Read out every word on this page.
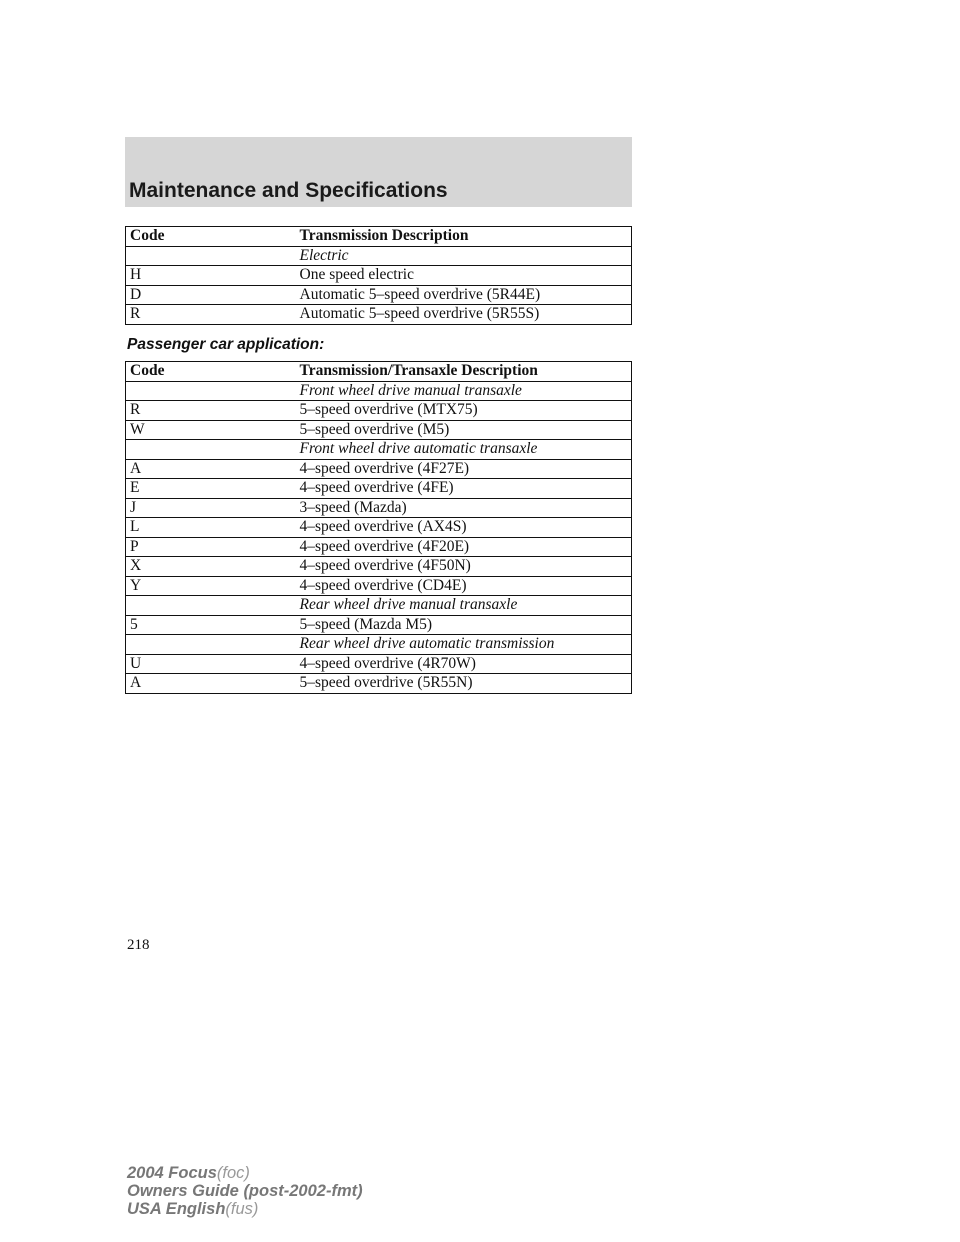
Maintenance and Specifications
Code	Transmission Description
	Electric
H	One speed electric
D	Automatic 5–speed overdrive (5R44E)
R	Automatic 5–speed overdrive (5R55S)

Passenger car application:

Code	Transmission/Transaxle Description
	Front wheel drive manual transaxle
R	5–speed overdrive (MTX75)
W	5–speed overdrive (M5)
	Front wheel drive automatic transaxle
A	4–speed overdrive (4F27E)
E	4–speed overdrive (4FE)
J	3–speed (Mazda)
L	4–speed overdrive (AX4S)
P	4–speed overdrive (4F20E)
X	4–speed overdrive (4F50N)
Y	4–speed overdrive (CD4E)
	Rear wheel drive manual transaxle
5	5–speed (Mazda M5)
	Rear wheel drive automatic transmission
U	4–speed overdrive (4R70W)
A	5–speed overdrive (5R55N)
218
2004 Focus(foc)
Owners Guide (post-2002-fmt)
USA English(fus)
